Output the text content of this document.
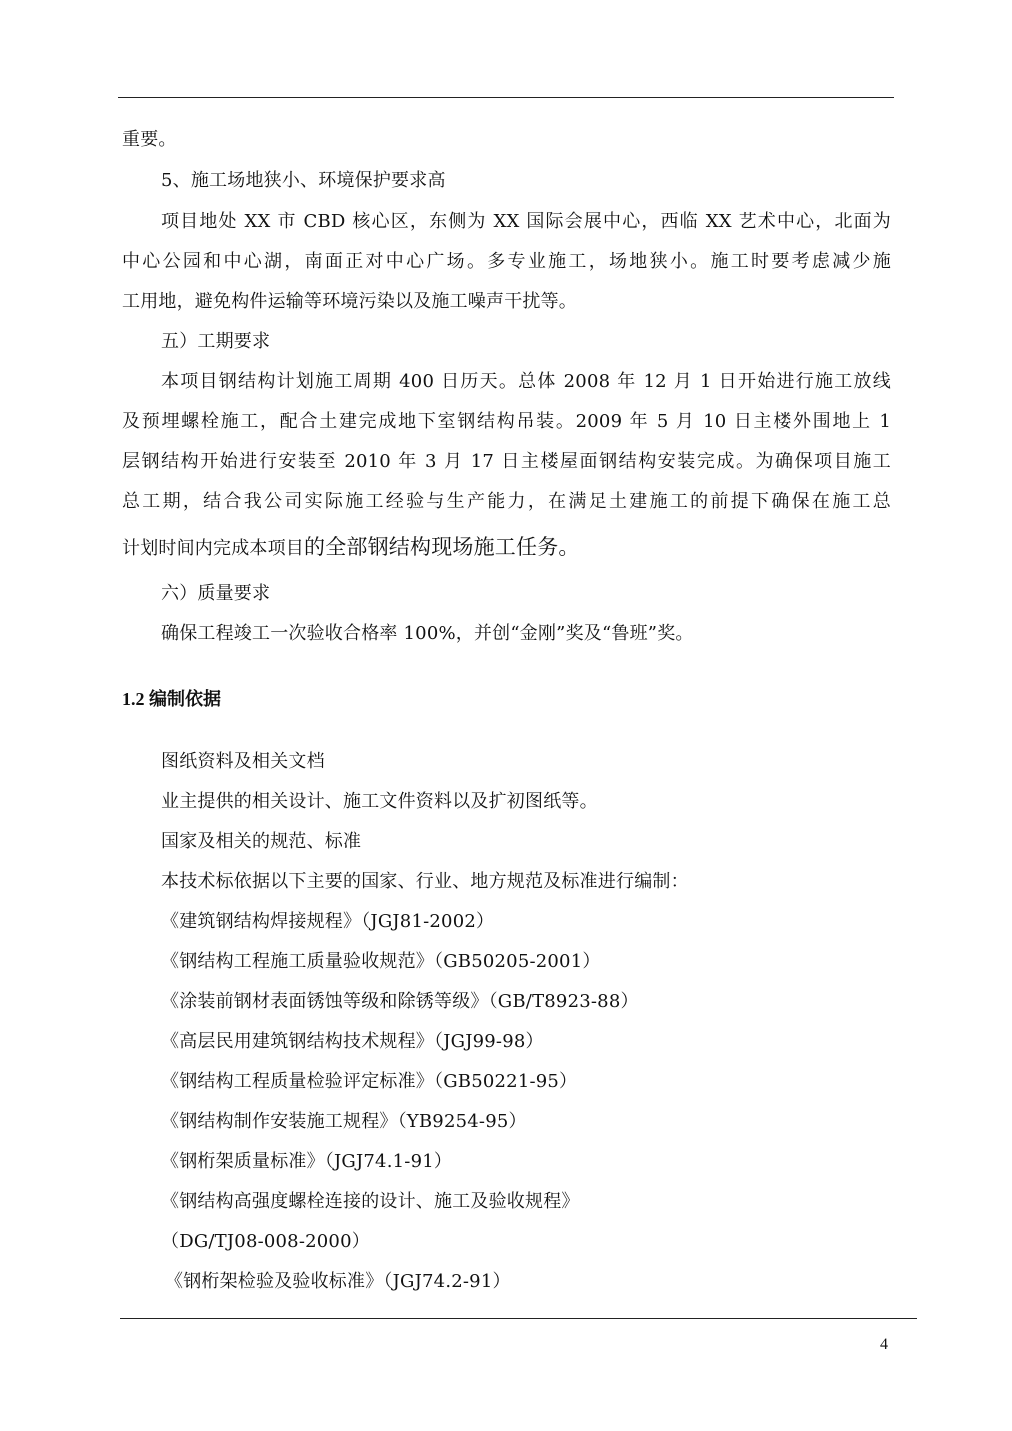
重要。
5、施工场地狭小、环境保护要求高
项目地处 XX 市 CBD 核心区，东侧为 XX 国际会展中心，西临 XX 艺术中心，北面为
中心公园和中心湖，南面正对中心广场。多专业施工，场地狭小。施工时要考虑减少施
工用地，避免构件运输等环境污染以及施工噪声干扰等。
五）工期要求
本项目钢结构计划施工周期 400 日历天。总体 2008 年 12 月 1 日开始进行施工放线
及预埋螺栓施工，配合土建完成地下室钢结构吊装。2009 年 5 月 10 日主楼外围地上 1
层钢结构开始进行安装至 2010 年 3 月 17 日主楼屋面钢结构安装完成。为确保项目施工
总工期，结合我公司实际施工经验与生产能力，在满足土建施工的前提下确保在施工总
计划时间内完成本项目的全部钢结构现场施工任务。
六）质量要求
确保工程竣工一次验收合格率 100%，并创“金刚”奖及“鲁班”奖。
1.2 编制依据
图纸资料及相关文档
业主提供的相关设计、施工文件资料以及扩初图纸等。
国家及相关的规范、标准
本技术标依据以下主要的国家、行业、地方规范及标准进行编制：
《建筑钢结构焊接规程》（JGJ81-2002）
《钢结构工程施工质量验收规范》（GB50205-2001）
《涂装前钢材表面锈蚀等级和除锈等级》（GB/T8923-88）
《高层民用建筑钢结构技术规程》（JGJ99-98）
《钢结构工程质量检验评定标准》（GB50221-95）
《钢结构制作安装施工规程》（YB9254-95）
《钢桁架质量标准》（JGJ74.1-91）
《钢结构高强度螺栓连接的设计、施工及验收规程》
（DG/TJ08-008-2000）
《钢桁架检验及验收标准》（JGJ74.2-91）
4
